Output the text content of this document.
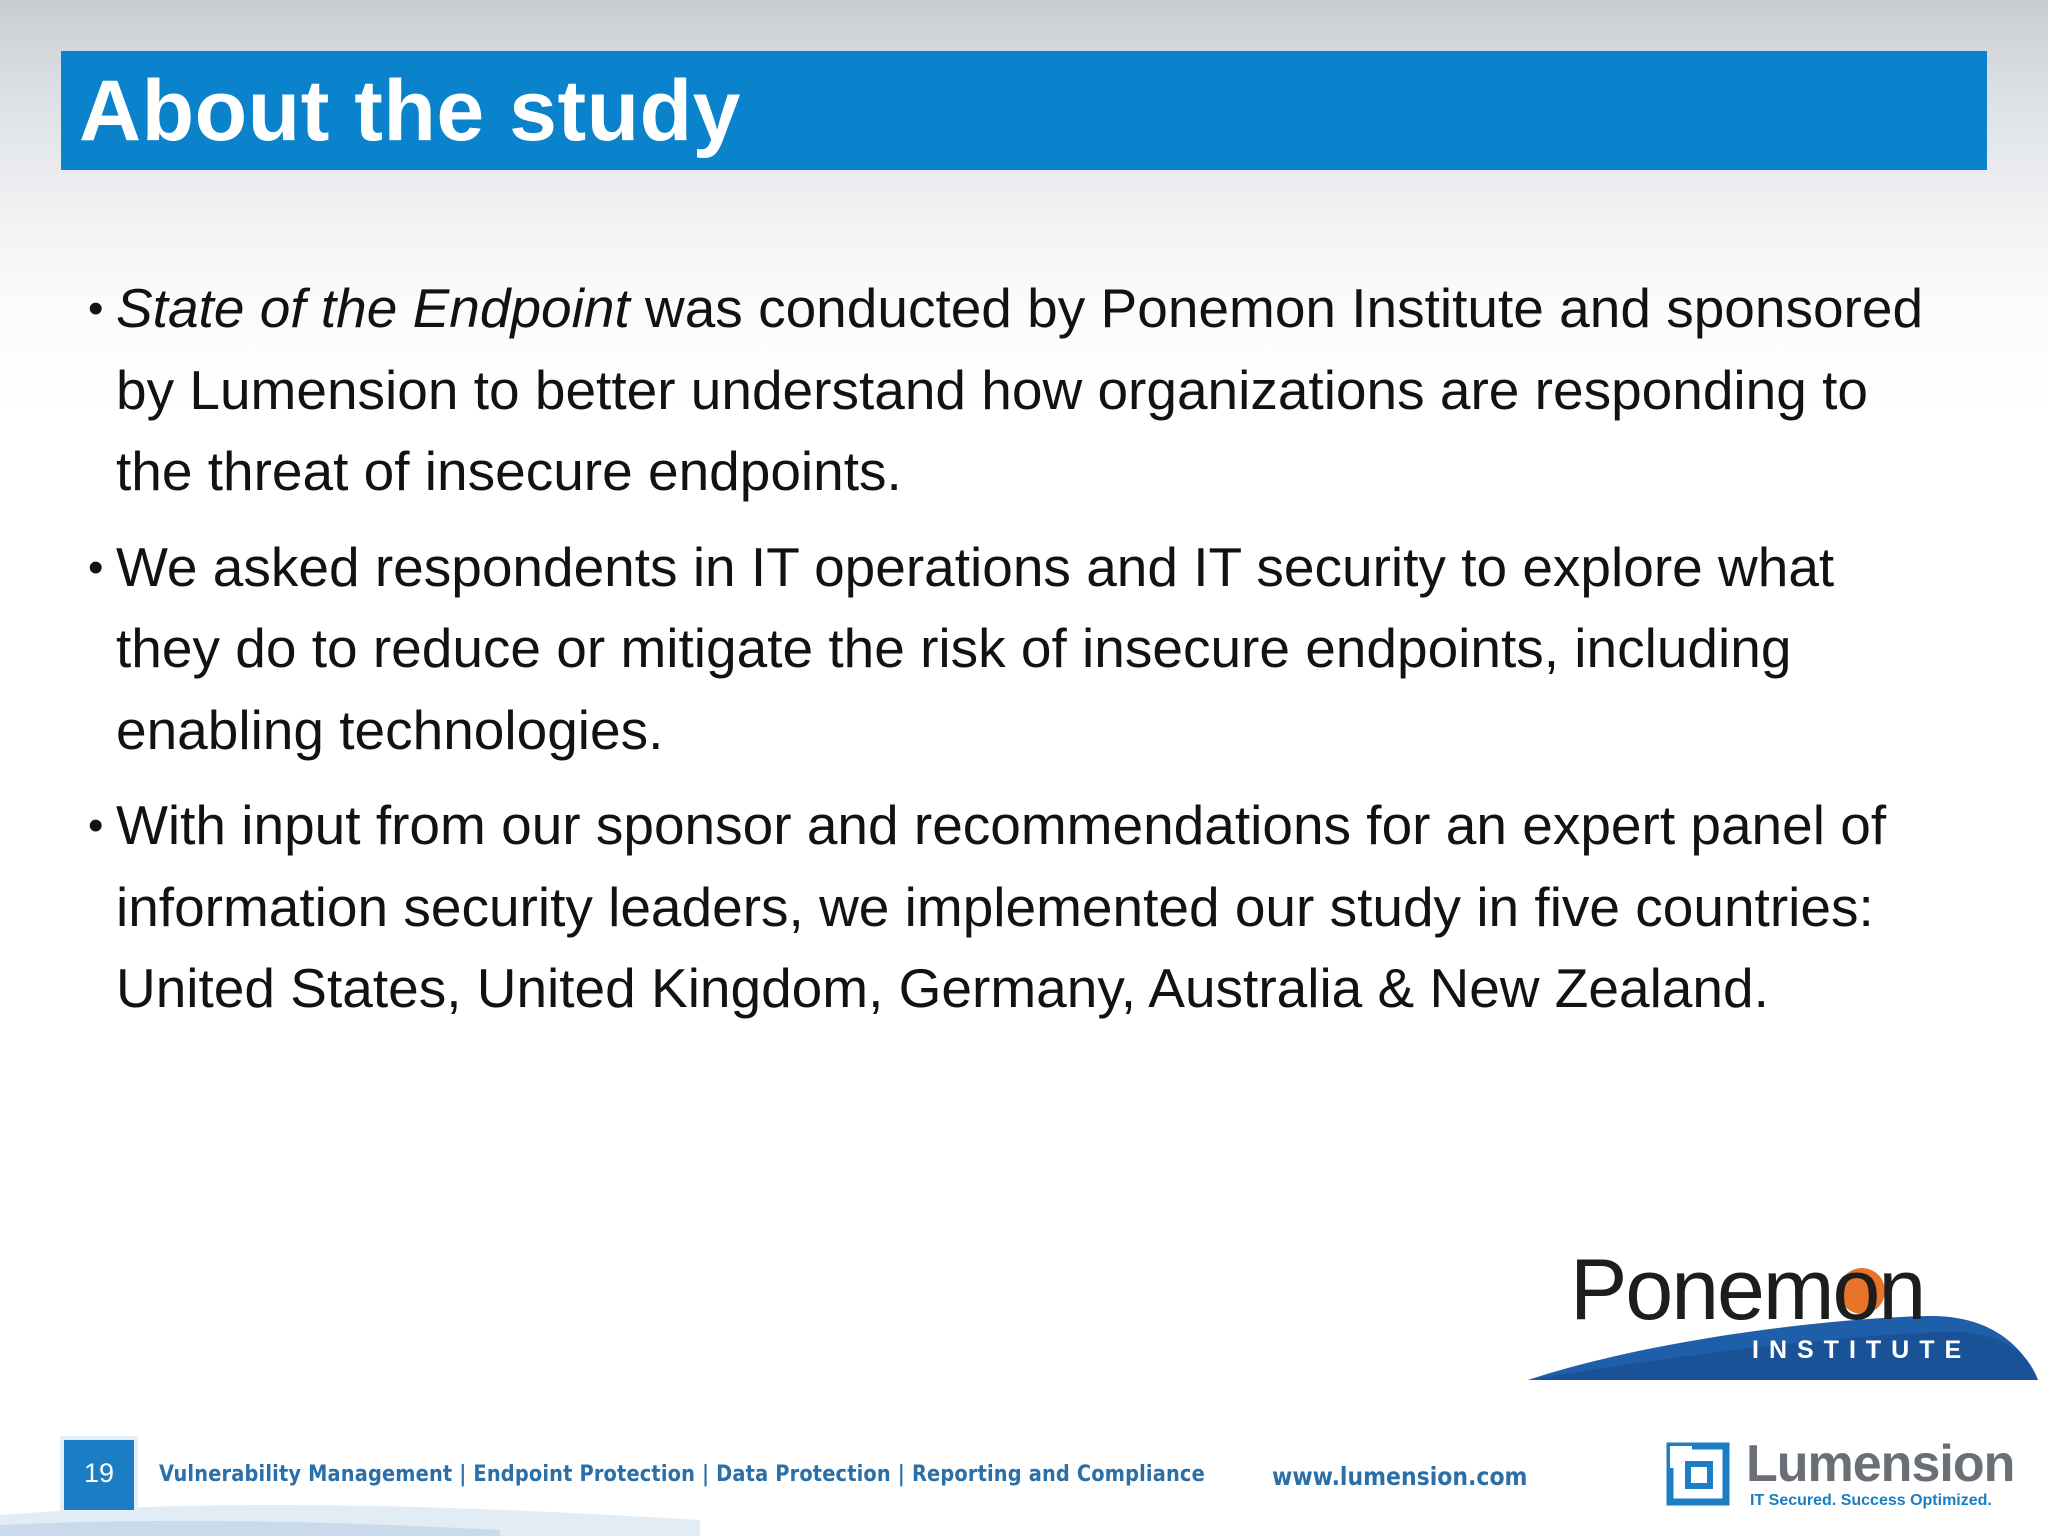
About the study
• State of the Endpoint was conducted by Ponemon Institute and sponsored by Lumension to better understand how organizations are responding to the threat of insecure endpoints.
• We asked respondents in IT operations and IT security to explore what they do to reduce or mitigate the risk of insecure endpoints, including enabling technologies.
• With input from our sponsor and recommendations for an expert panel of information security leaders, we implemented our study in five countries: United States, United Kingdom, Germany, Australia & New Zealand.
Ponemon
INSTITUTE
19	Vulnerability Management | Endpoint Protection | Data Protection | Reporting and Compliance	www.lumension.com	Lumension
IT Secured. Success Optimized.
